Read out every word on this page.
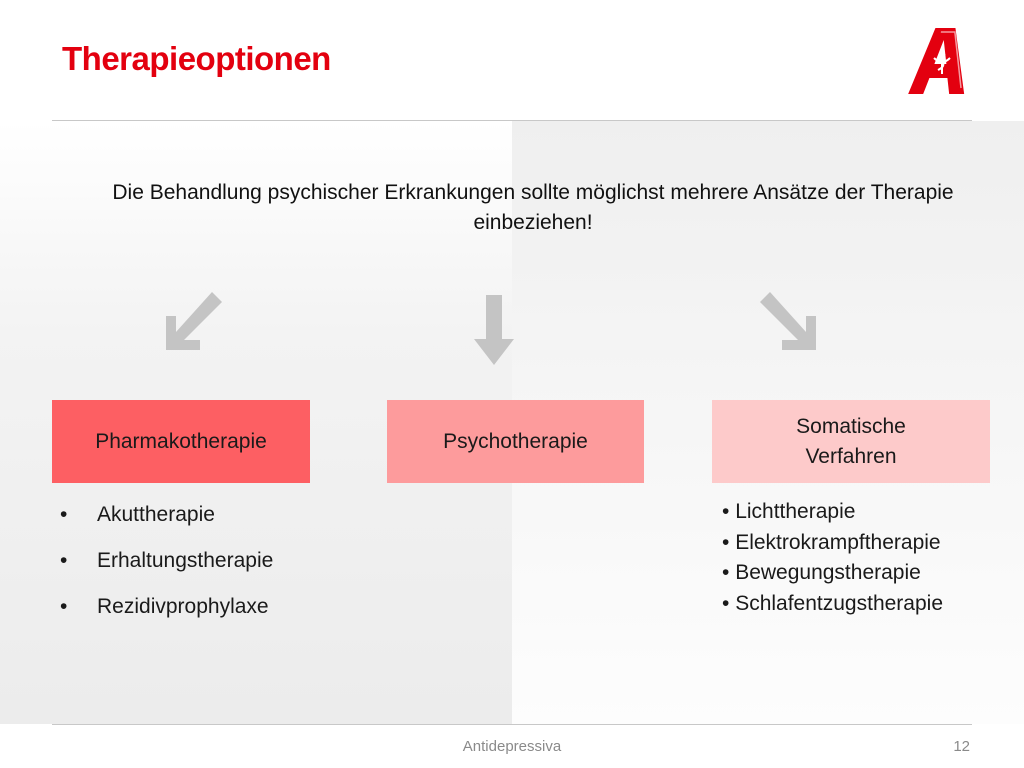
Therapieoptionen
Die Behandlung psychischer Erkrankungen sollte möglichst mehrere Ansätze der Therapie einbeziehen!
Pharmakotherapie	Psychotherapie
Somatische Verfahren
• Akuttherapie
• Erhaltungstherapie
• Rezidivprophylaxe
• Lichttherapie
• Elektrokrampftherapie
• Bewegungstherapie
• Schlafentzugstherapie
Antidepressiva	12
